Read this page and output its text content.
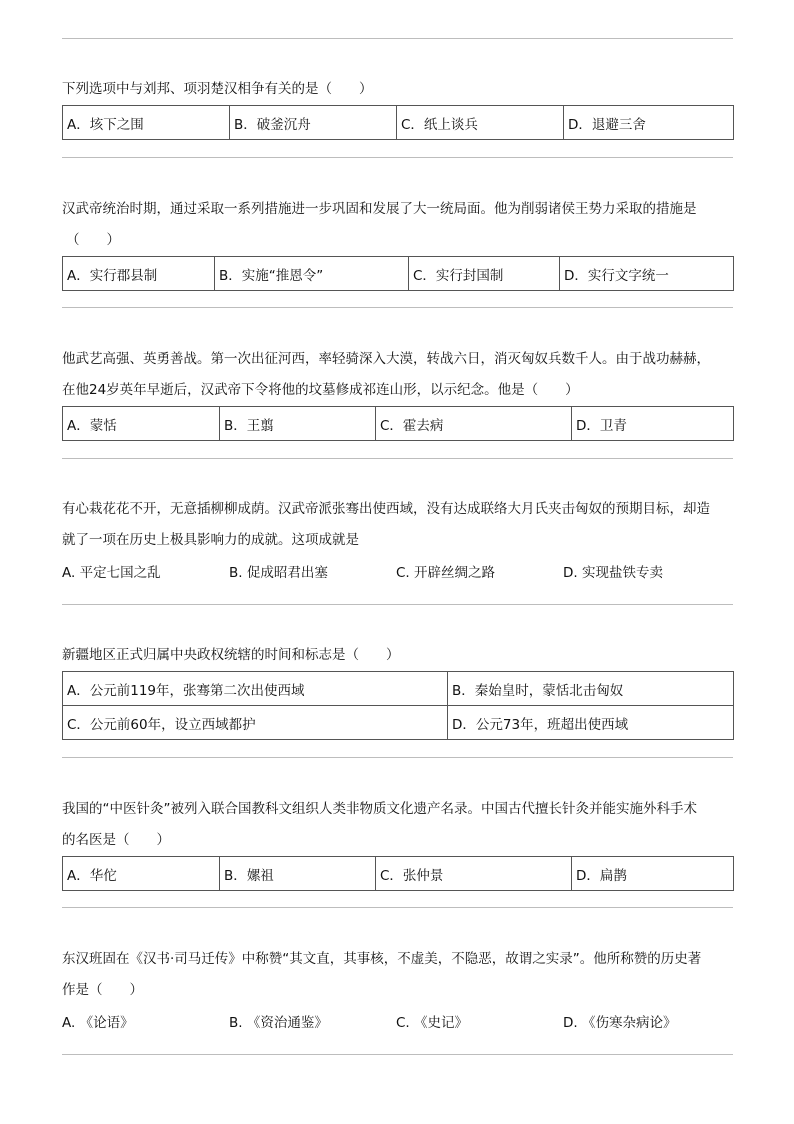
下列选项中与刘邦、项羽楚汉相争有关的是（　　）

A．垓下之围	B．破釜沉舟	C．纸上谈兵	D．退避三舍

汉武帝统治时期，通过采取一系列措施进一步巩固和发展了大一统局面。他为削弱诸侯王势力采取的措施是

（　　）

A．实行郡县制	B．实施“推恩令”	C．实行封国制	D．实行文字统一

他武艺高强、英勇善战。第一次出征河西，率轻骑深入大漠，转战六日，消灭匈奴兵数千人。由于战功赫赫，

在他24岁英年早逝后，汉武帝下令将他的坟墓修成祁连山形，以示纪念。他是（　　）

A．蒙恬	B．王翦	C．霍去病	D．卫青

有心栽花花不开，无意插柳柳成荫。汉武帝派张骞出使西域，没有达成联络大月氏夹击匈奴的预期目标，却造

就了一项在历史上极具影响力的成就。这项成就是

A. 平定七国之乱	B. 促成昭君出塞	C. 开辟丝绸之路	D. 实现盐铁专卖

新疆地区正式归属中央政权统辖的时间和标志是（　　）

A．公元前119年，张骞第二次出使西域	B．秦始皇时，蒙恬北击匈奴
C．公元前60年，设立西域都护	D．公元73年，班超出使西域

我国的“中医针灸”被列入联合国教科文组织人类非物质文化遗产名录。中国古代擅长针灸并能实施外科手术

的名医是（　　）

A．华佗	B．嫘祖	C．张仲景	D．扁鹊

东汉班固在《汉书·司马迁传》中称赞“其文直，其事核，不虚美，不隐恶，故谓之实录”。他所称赞的历史著

作是（　　）

A. 《论语》	B. 《资治通鉴》	C. 《史记》	D. 《伤寒杂病论》
